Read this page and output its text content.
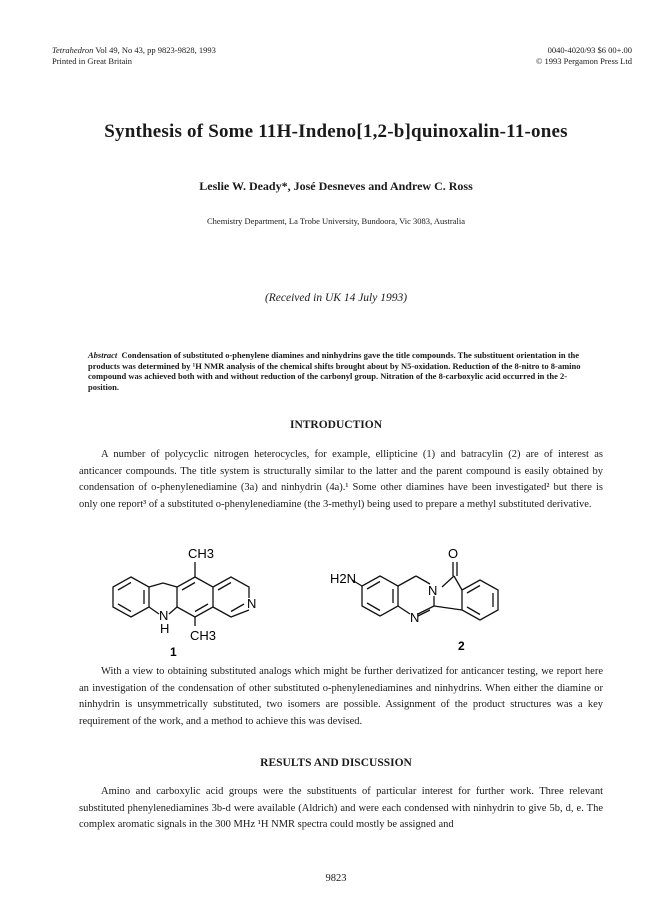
Tetrahedron Vol 49, No 43, pp 9823-9828, 1993
Printed in Great Britain
0040-4020/93 $6 00+.00
© 1993 Pergamon Press Ltd
Synthesis of Some 11H-Indeno[1,2-b]quinoxalin-11-ones
Leslie W. Deady*, José Desneves and Andrew C. Ross
Chemistry Department, La Trobe University, Bundoora, Vic 3083, Australia
(Received in UK 14 July 1993)
Abstract Condensation of substituted o-phenylene diamines and ninhydrins gave the title compounds. The substituent orientation in the products was determined by ¹H NMR analysis of the chemical shifts brought about by N5-oxidation. Reduction of the 8-nitro to 8-amino compound was achieved both with and without reduction of the carbonyl group. Nitration of the 8-carboxylic acid occurred in the 2-position.
INTRODUCTION
A number of polycyclic nitrogen heterocycles, for example, ellipticine (1) and batracylin (2) are of interest as anticancer compounds. The title system is structurally similar to the latter and the parent compound is easily obtained by condensation of o-phenylenediamine (3a) and ninhydrin (4a).¹ Some other diamines have been investigated² but there is only one report³ of a substituted o-phenylenediamine (the 3-methyl) being used to prepare a methyl substituted derivative.
CH3
N
N
H CH3
1
O
H2N
N
N
2
With a view to obtaining substituted analogs which might be further derivatized for anticancer testing, we report here an investigation of the condensation of other substituted o-phenylenediamines and ninhydrins. When either the diamine or ninhydrin is unsymmetrically substituted, two isomers are possible. Assignment of the product structures was a key requirement of the work, and a method to achieve this was devised.
RESULTS AND DISCUSSION
Amino and carboxylic acid groups were the substituents of particular interest for further work. Three relevant substituted phenylenediamines 3b-d were available (Aldrich) and were each condensed with ninhydrin to give 5b, d, e. The complex aromatic signals in the 300 MHz ¹H NMR spectra could mostly be assigned and
9823
